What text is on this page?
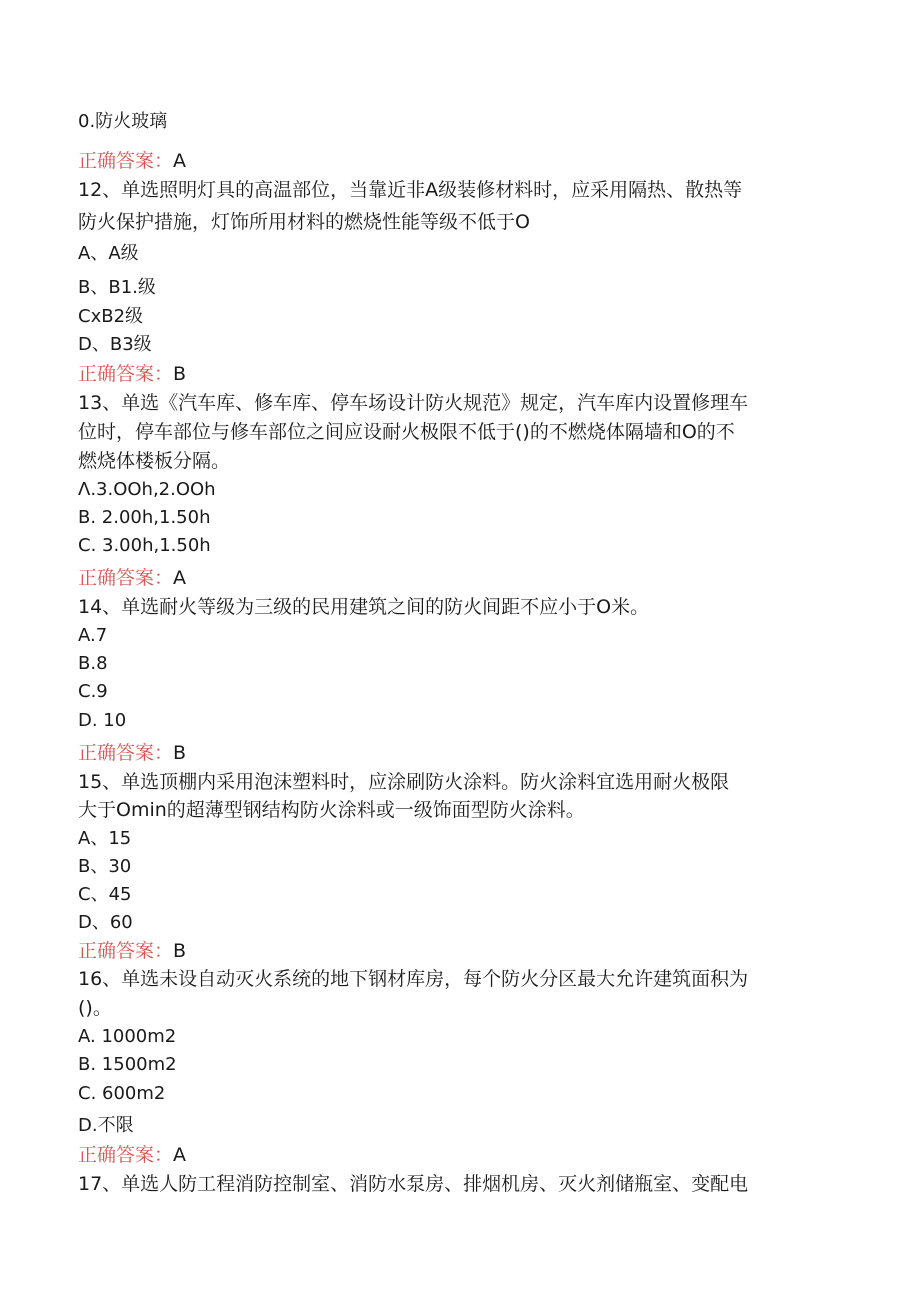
0.防火玻璃
正确答案：A
12、单选照明灯具的高温部位，当靠近非A级装修材料时，应采用隔热、散热等
防火保护措施，灯饰所用材料的燃烧性能等级不低于O
A、A级
B、B1.级
CxB2级
D、B3级
正确答案：B
13、单选《汽车库、修车库、停车场设计防火规范》规定，汽车库内设置修理车
位时，停车部位与修车部位之间应设耐火极限不低于()的不燃烧体隔墙和O的不
燃烧体楼板分隔。
Λ.3.OOh,2.OOh
B. 2.00h,1.50h
C. 3.00h,1.50h
正确答案：A
14、单选耐火等级为三级的民用建筑之间的防火间距不应小于O米。
A.7
B.8
C.9
D. 10
正确答案：B
15、单选顶棚内采用泡沫塑料时，应涂刷防火涂料。防火涂料宜选用耐火极限
大于Omin的超薄型钢结构防火涂料或一级饰面型防火涂料。
A、15
B、30
C、45
D、60
正确答案：B
16、单选未设自动灭火系统的地下钢材库房，每个防火分区最大允许建筑面积为
()。
A. 1000m2
B. 1500m2
C. 600m2
D.不限
正确答案：A
17、单选人防工程消防控制室、消防水泵房、排烟机房、灭火剂储瓶室、变配电
